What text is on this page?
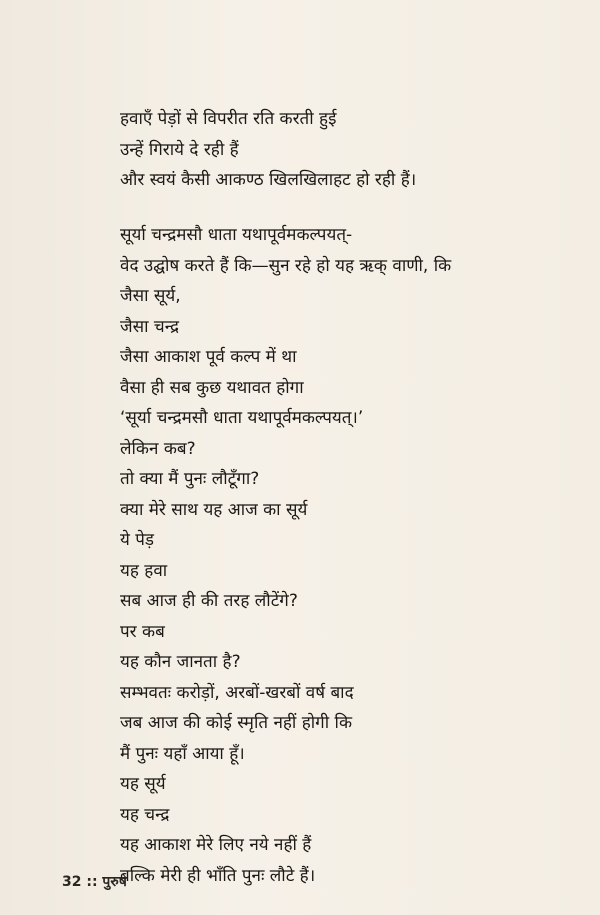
हवाएँ पेड़ों से विपरीत रति करती हुई
उन्हें गिराये दे रही हैं
और स्वयं कैसी आकण्ठ खिलखिलाहट हो रही हैं।
सूर्या चन्द्रमसौ धाता यथापूर्वमकल्पयत्-
वेद उद्घोष करते हैं कि—सुन रहे हो यह ऋक् वाणी, कि
जैसा सूर्य,
जैसा चन्द्र
जैसा आकाश पूर्व कल्प में था
वैसा ही सब कुछ यथावत होगा
‘सूर्या चन्द्रमसौ धाता यथापूर्वमकल्पयत्।’
लेकिन कब?
तो क्या मैं पुनः लौटूँगा?
क्या मेरे साथ यह आज का सूर्य
ये पेड़
यह हवा
सब आज ही की तरह लौटेंगे?
पर कब
यह कौन जानता है?
सम्भवतः करोड़ों, अरबों-खरबों वर्ष बाद
जब आज की कोई स्मृति नहीं होगी कि
मैं पुनः यहाँ आया हूँ।
यह सूर्य
यह चन्द्र
यह आकाश मेरे लिए नये नहीं हैं
बल्कि मेरी ही भाँति पुनः लौटे हैं।
32 :: पुरुष
